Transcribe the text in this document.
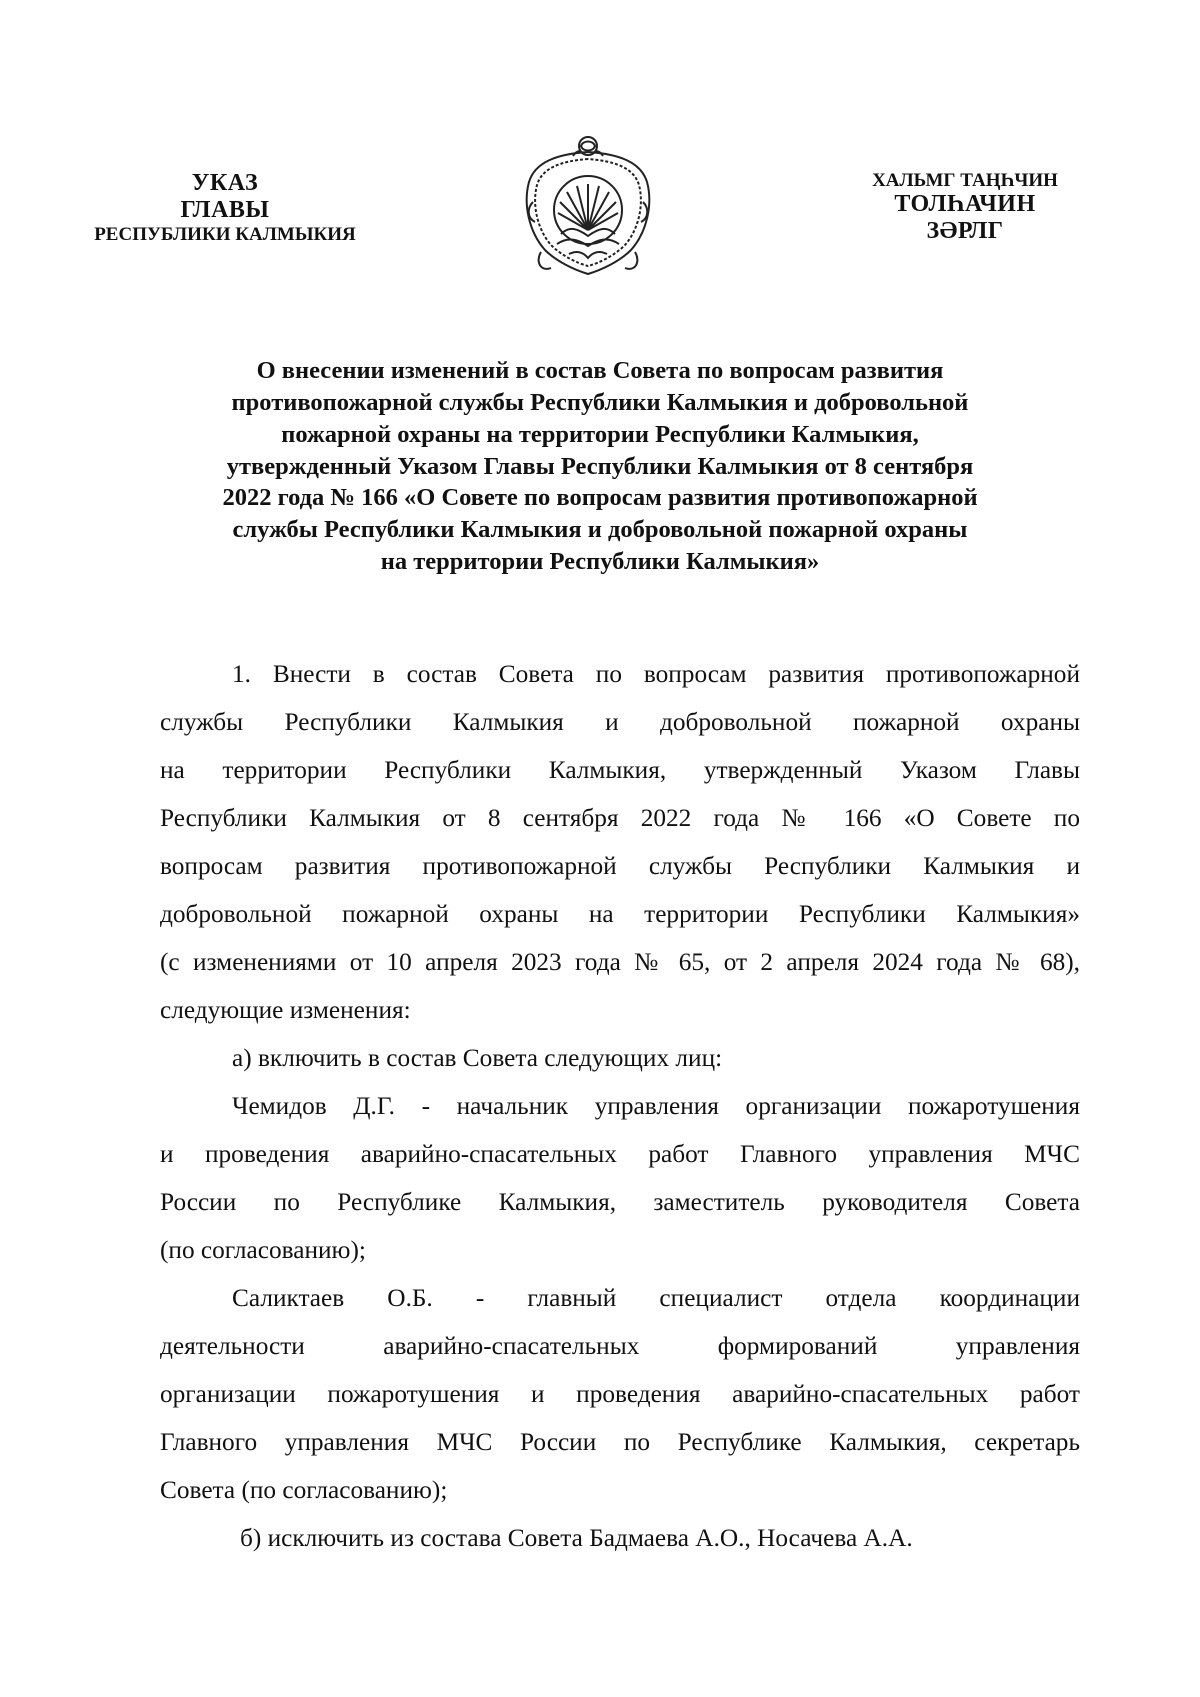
УКАЗ
ГЛАВЫ
РЕСПУБЛИКИ КАЛМЫКИЯ
ХАЛЬМГ ТАҢҺЧИН
ТОЛҺАЧИН
ЗӘРЛГ
О внесении изменений в состав Совета по вопросам развития
противопожарной службы Республики Калмыкия и добровольной
пожарной охраны на территории Республики Калмыкия,
утвержденный Указом Главы Республики Калмыкия от 8 сентября
2022 года № 166 «О Совете по вопросам развития противопожарной
службы Республики Калмыкия и добровольной пожарной охраны
на территории Республики Калмыкия»
1. Внести в состав Совета по вопросам развития противопожарной
службы Республики Калмыкия и добровольной пожарной охраны
на территории Республики Калмыкия, утвержденный Указом Главы
Республики Калмыкия от 8 сентября 2022 года № 166 «О Совете по
вопросам развития противопожарной службы Республики Калмыкия и
добровольной пожарной охраны на территории Республики Калмыкия»
(с изменениями от 10 апреля 2023 года № 65, от 2 апреля 2024 года № 68),
следующие изменения:
а) включить в состав Совета следующих лиц:
Чемидов Д.Г. - начальник управления организации пожаротушения
и проведения аварийно-спасательных работ Главного управления МЧС
России по Республике Калмыкия, заместитель руководителя Совета
(по согласованию);
Саликтаев О.Б. - главный специалист отдела координации
деятельности аварийно-спасательных формирований управления
организации пожаротушения и проведения аварийно-спасательных работ
Главного управления МЧС России по Республике Калмыкия, секретарь
Совета (по согласованию);
б) исключить из состава Совета Бадмаева А.О., Носачева А.А.
